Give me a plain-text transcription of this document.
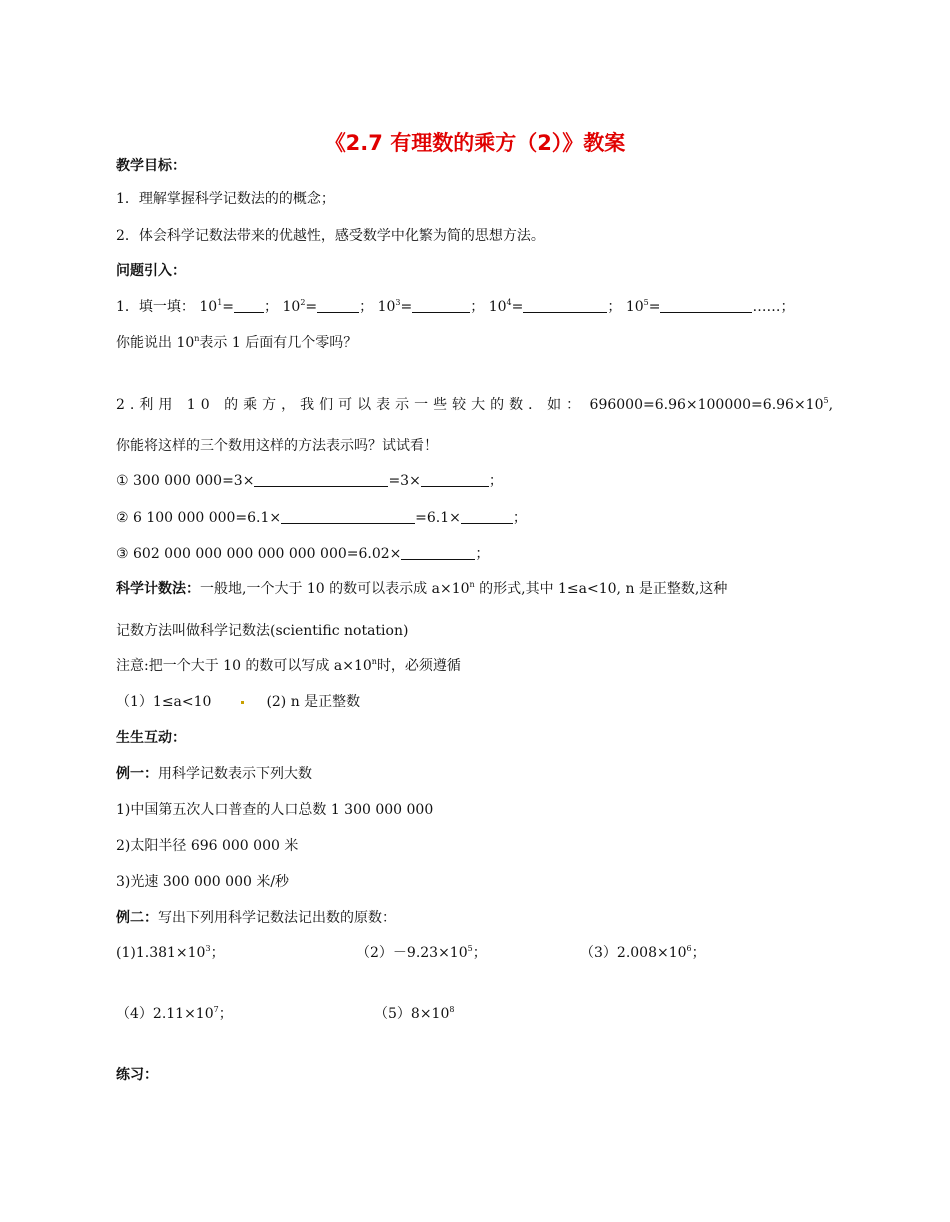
《2.7 有理数的乘方（2）》教案
教学目标：
1．理解掌握科学记数法的的概念；
2．体会科学记数法带来的优越性，感受数学中化繁为简的思想方法。
问题引入：
1．填一填： $10^1=$ ； $10^2=$	； $10^3=$	； $10^4=$	； $10^5=$	……；
你能说出 10$^n$表示 1 后面有几个零吗？
2.利用 10 的乘方，我们可以表示一些较大的数．如： $696000=6.96\times 100000=6.96\times 10^5$,
你能将这样的三个数用这样的方法表示吗？试试看！
① 300 000 000=3×	=3×	；
② 6 100 000 000=6.1×	=6.1×	；
③ 602 000 000 000 000 000 000=6.02×	；
科学计数法：一般地,一个大于 10 的数可以表示成 $a\times 10^n$ 的形式,其中 1≤a<10, n 是正整数,这种
记数方法叫做科学记数法(scientific notation)
注意:把一个大于 10 的数可以写成 $a\times 10^n$时，必须遵循
（1）1≤a<10	(2) n 是正整数
生生互动：
例一：用科学记数表示下列大数
1)中国第五次人口普查的人口总数 1 300 000 000
2)太阳半径 696 000 000 米
3)光速 300 000 000 米/秒
例二：写出下列用科学记数法记出数的原数：
$(1)1.381\times 10^3$；	$(2)-9.23\times 10^5$；	$(3)2.008\times 10^6$；
$(4)2.11\times 10^7$；	$(5)8\times 10^8$
练习：
